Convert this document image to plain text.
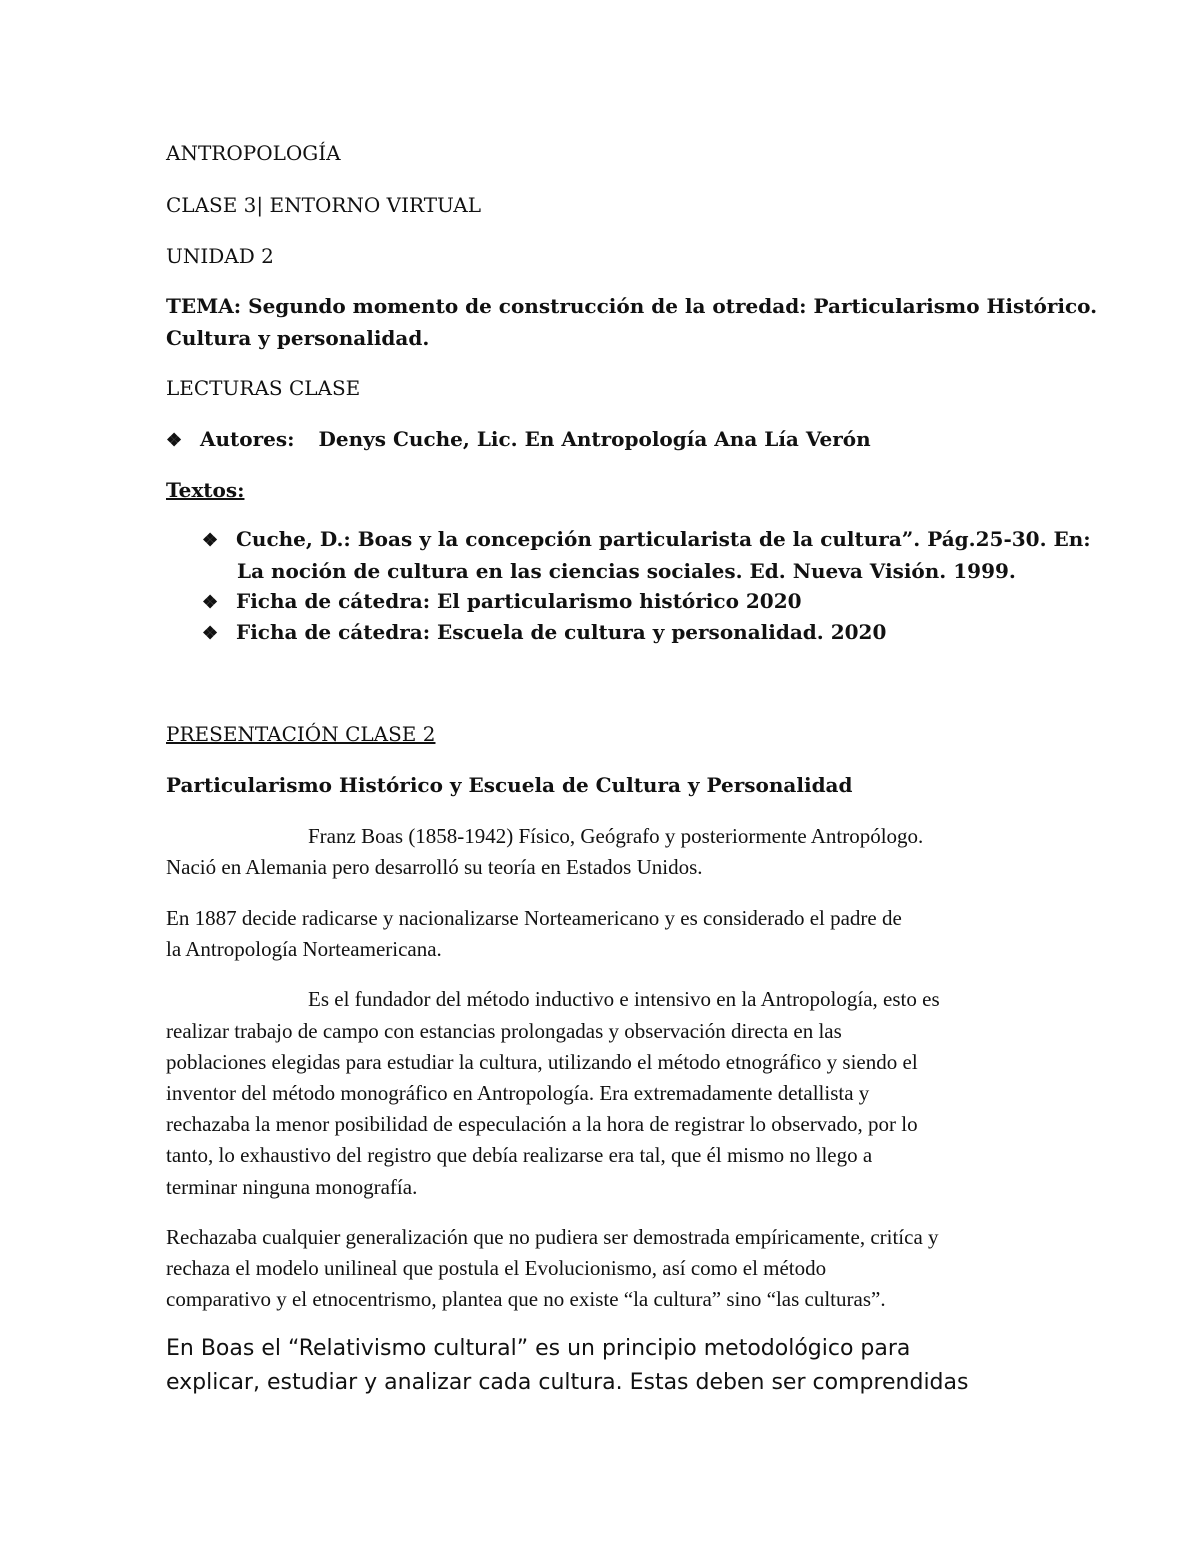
ANTROPOLOGÍA
CLASE 3| ENTORNO VIRTUAL
UNIDAD 2
TEMA: Segundo momento de construcción de la otredad: Particularismo Histórico.
Cultura y personalidad.
LECTURAS CLASE
❖ Autores: Denys Cuche, Lic. En Antropología Ana Lía Verón
Textos:
❖ Cuche, D.: Boas y la concepción particularista de la cultura”. Pág.25-30. En:
La noción de cultura en las ciencias sociales. Ed. Nueva Visión. 1999.
❖ Ficha de cátedra: El particularismo histórico 2020
❖ Ficha de cátedra: Escuela de cultura y personalidad. 2020
PRESENTACIÓN CLASE 2
Particularismo Histórico y Escuela de Cultura y Personalidad
Franz Boas (1858-1942) Físico, Geógrafo y posteriormente Antropólogo.
Nació en Alemania pero desarrolló su teoría en Estados Unidos.
En 1887 decide radicarse y nacionalizarse Norteamericano y es considerado el padre de
la Antropología Norteamericana.
Es el fundador del método inductivo e intensivo en la Antropología, esto es
realizar trabajo de campo con estancias prolongadas y observación directa en las
poblaciones elegidas para estudiar la cultura, utilizando el método etnográfico y siendo el
inventor del método monográfico en Antropología. Era extremadamente detallista y
rechazaba la menor posibilidad de especulación a la hora de registrar lo observado, por lo
tanto, lo exhaustivo del registro que debía realizarse era tal, que él mismo no llego a
terminar ninguna monografía.
Rechazaba cualquier generalización que no pudiera ser demostrada empíricamente, critíca y
rechaza el modelo unilineal que postula el Evolucionismo, así como el método
comparativo y el etnocentrismo, plantea que no existe “la cultura” sino “las culturas”.
En Boas el “Relativismo cultural” es un principio metodológico para
explicar, estudiar y analizar cada cultura. Estas deben ser comprendidas
